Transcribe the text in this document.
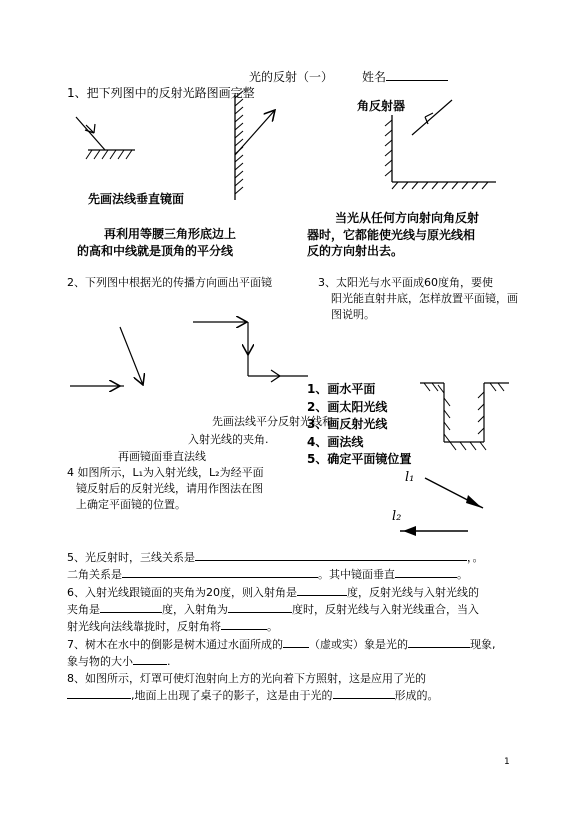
光的反射（一） 姓名
1、把下列图中的反射光路图画完整
角反射器
先画法线垂直镜面
再利用等腰三角形底边上
的高和中线就是顶角的平分线
当光从任何方向射向角反射
器时，它都能使光线与原光线相
反的方向射出去。
2、下列图中根据光的传播方向画出平面镜
先画法线平分反射光线和
入射光线的夹角.
再画镜面垂直法线
3、太阳光与水平面成60度角，要使
阳光能直射井底，怎样放置平面镜，画
图说明。
1、画水平面
2、画太阳光线
3、画反射光线
4、画法线
5、确定平面镜位置
4 如图所示，L₁为入射光线，L₂为经平面
镜反射后的反射光线，请用作图法在图
上确定平面镜的位置。
l₁
l₂
5、光反射时，三线关系是	，。
二角关系是	。其中镜面垂直	。
6、入射光线跟镜面的夹角为20度，则入射角是	度，反射光线与入射光线的
夹角是	度，入射角为	度时，反射光线与入射光线重合，当入
射光线向法线靠拢时，反射角将	。
7、树木在水中的倒影是树木通过水面所成的 （虚或实）象是光的	现象,
象与物的大小	.
8、如图所示，灯罩可使灯泡射向上方的光向着下方照射，这是应用了光的
,地面上出现了桌子的影子，这是由于光的	形成的。
1
